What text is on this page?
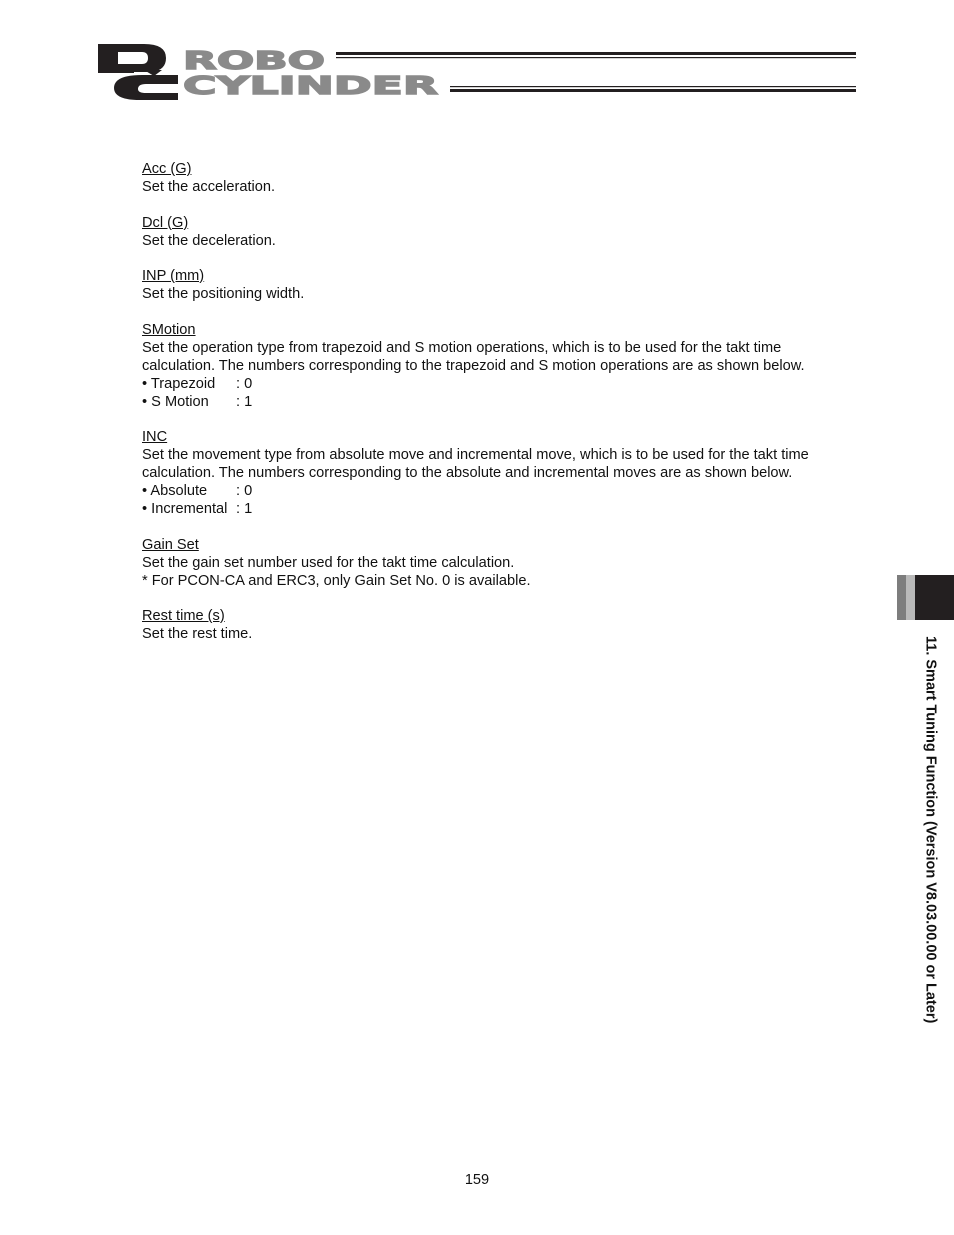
ROBO
CYLINDER
Acc (G)
Set the acceleration.
Dcl (G)
Set the deceleration.
INP (mm)
Set the positioning width.
SMotion
Set the operation type from trapezoid and S motion operations, which is to be used for the takt time
calculation. The numbers corresponding to the trapezoid and S motion operations are as shown below.
• Trapezoid	: 0
• S Motion	: 1
INC
Set the movement type from absolute move and incremental move, which is to be used for the takt time
calculation. The numbers corresponding to the absolute and incremental moves are as shown below.
• Absolute	: 0
• Incremental : 1
Gain Set
Set the gain set number used for the takt time calculation.
* For PCON-CA and ERC3, only Gain Set No. 0 is available.
Rest time (s)
Set the rest time.
11. Smart Tuning Function (Version V8.03.00.00 or Later)
159
